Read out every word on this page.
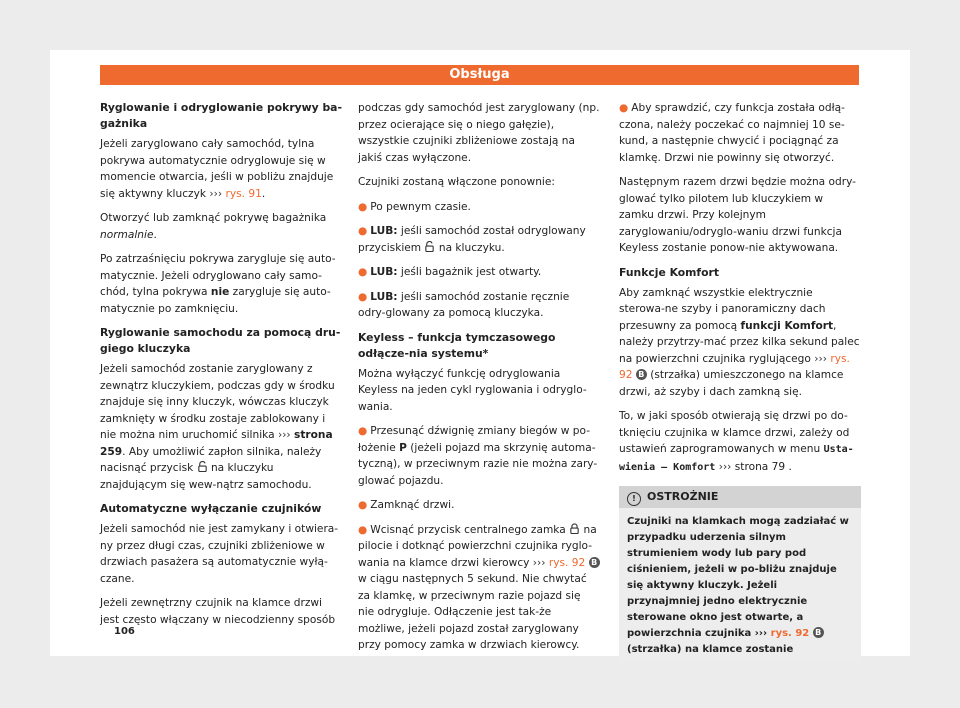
Obsługa
Ryglowanie i odryglowanie pokrywy ba-gażnika

Jeżeli zaryglowano cały samochód, tylna pokrywa automatycznie odryglowuje się w momencie otwarcia, jeśli w pobliżu znajduje się aktywny kluczyk ››› rys. 91.

Otworzyć lub zamknąć pokrywę bagażnika normalnie.

Po zatrzaśnięciu pokrywa zarygluje się auto-matycznie. Jeżeli odryglowano cały samo-chód, tylna pokrywa nie zarygluje się auto-matycznie po zamknięciu.

Ryglowanie samochodu za pomocą dru-giego kluczyka

Jeżeli samochód zostanie zaryglowany z zewnątrz kluczykiem, podczas gdy w środku znajduje się inny kluczyk, wówczas kluczyk zamknięty w środku zostaje zablokowany i nie można nim uruchomić silnika ››› strona 259. Aby umożliwić zapłon silnika, należy nacisnąć przycisk  na kluczyku znajdującym się wew-nątrz samochodu.

Automatyczne wyłączanie czujników

Jeżeli samochód nie jest zamykany i otwiera-ny przez długi czas, czujniki zbliżeniowe w drzwiach pasażera są automatycznie wyłą-czane.

Jeżeli zewnętrzny czujnik na klamce drzwi jest często włączany w niecodzienny sposób

podczas gdy samochód jest zaryglowany (np. przez ocierające się o niego gałęzie), wszystkie czujniki zbliżeniowe zostają na jakiś czas wyłączone.

Czujniki zostaną włączone ponownie:

● Po pewnym czasie.

● LUB: jeśli samochód został odryglowany przyciskiem  na kluczyku.

● LUB: jeśli bagażnik jest otwarty.

● LUB: jeśli samochód zostanie ręcznie odry-glowany za pomocą kluczyka.

Keyless – funkcja tymczasowego odłącze-nia systemu*

Można wyłączyć funkcję odryglowania Keyless na jeden cykl ryglowania i odryglo-wania.

● Przesunąć dźwignię zmiany biegów w po-łożenie P (jeżeli pojazd ma skrzynię automa-tyczną), w przeciwnym razie nie można zary-glować pojazdu.

● Zamknąć drzwi.

● Wcisnąć przycisk centralnego zamka  na pilocie i dotknąć powierzchni czujnika ryglo-wania na klamce drzwi kierowcy ››› rys. 92 B w ciągu następnych 5 sekund. Nie chwytać za klamkę, w przeciwnym razie pojazd się nie odrygluje. Odłączenie jest tak-że możliwe, jeżeli pojazd został zaryglowany przy pomocy zamka w drzwiach kierowcy.

● Aby sprawdzić, czy funkcja została odłą-czona, należy poczekać co najmniej 10 se-kund, a następnie chwycić i pociągnąć za klamkę. Drzwi nie powinny się otworzyć.

Następnym razem drzwi będzie można odry-glować tylko pilotem lub kluczykiem w zamku drzwi. Przy kolejnym zaryglowaniu/odryglo-waniu drzwi funkcja Keyless zostanie ponow-nie aktywowana.

Funkcje Komfort

Aby zamknąć wszystkie elektrycznie sterowa-ne szyby i panoramiczny dach przesuwny za pomocą funkcji Komfort, należy przytrzy-mać przez kilka sekund palec na powierzchni czujnika ryglującego ››› rys. 92 B (strzałka) umieszczonego na klamce drzwi, aż szyby i dach zamkną się.

To, w jaki sposób otwierają się drzwi po do-tknięciu czujnika w klamce drzwi, zależy od ustawień zaprogramowanych w menu Usta-wienia – Komfort ››› strona 79 .

! OSTROŻNIE
Czujniki na klamkach mogą zadziałać w przypadku uderzenia silnym strumieniem wody lub pary pod ciśnieniem, jeżeli w po-bliżu znajduje się aktywny kluczyk. Jeżeli przynajmniej jedno elektrycznie sterowane okno jest otwarte, a powierzchnia czujnika ››› rys. 92 B (strzałka) na klamce zostanie
106
